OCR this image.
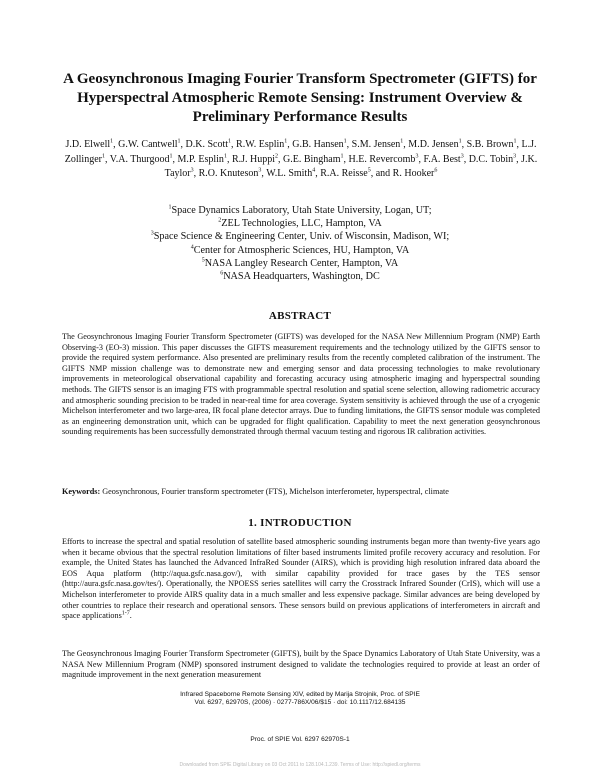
A Geosynchronous Imaging Fourier Transform Spectrometer (GIFTS) for Hyperspectral Atmospheric Remote Sensing: Instrument Overview & Preliminary Performance Results
J.D. Elwell$^1$, G.W. Cantwell$^1$, D.K. Scott$^1$, R.W. Esplin$^1$, G.B. Hansen$^1$, S.M. Jensen$^1$, M.D. Jensen$^1$, S.B. Brown$^1$, L.J. Zollinger$^1$, V.A. Thurgood$^1$, M.P. Esplin$^1$, R.J. Huppi$^2$, G.E. Bingham$^1$, H.E. Revercomb$^3$, F.A. Best$^3$, D.C. Tobin$^3$, J.K. Taylor$^3$, R.O. Knuteson$^3$, W.L. Smith$^4$, R.A. Reisse$^5$, and R. Hooker$^6$
$^1$Space Dynamics Laboratory, Utah State University, Logan, UT;
$^2$ZEL Technologies, LLC, Hampton, VA
$^3$Space Science & Engineering Center, Univ. of Wisconsin, Madison, WI;
$^4$Center for Atmospheric Sciences, HU, Hampton, VA
$^5$NASA Langley Research Center, Hampton, VA
$^6$NASA Headquarters, Washington, DC
ABSTRACT
The Geosynchronous Imaging Fourier Transform Spectrometer (GIFTS) was developed for the NASA New Millennium Program (NMP) Earth Observing-3 (EO-3) mission. This paper discusses the GIFTS measurement requirements and the technology utilized by the GIFTS sensor to provide the required system performance. Also presented are preliminary results from the recently completed calibration of the instrument. The GIFTS NMP mission challenge was to demonstrate new and emerging sensor and data processing technologies to make revolutionary improvements in meteorological observational capability and forecasting accuracy using atmospheric imaging and hyperspectral sounding methods. The GIFTS sensor is an imaging FTS with programmable spectral resolution and spatial scene selection, allowing radiometric accuracy and atmospheric sounding precision to be traded in near-real time for area coverage. System sensitivity is achieved through the use of a cryogenic Michelson interferometer and two large-area, IR focal plane detector arrays. Due to funding limitations, the GIFTS sensor module was completed as an engineering demonstration unit, which can be upgraded for flight qualification. Capability to meet the next generation geosynchronous sounding requirements has been successfully demonstrated through thermal vacuum testing and rigorous IR calibration activities.
Keywords: Geosynchronous, Fourier transform spectrometer (FTS), Michelson interferometer, hyperspectral, climate
1. INTRODUCTION
Efforts to increase the spectral and spatial resolution of satellite based atmospheric sounding instruments began more than twenty-five years ago when it became obvious that the spectral resolution limitations of filter based instruments limited profile recovery accuracy and resolution. For example, the United States has launched the Advanced InfraRed Sounder (AIRS), which is providing high resolution infrared data aboard the EOS Aqua platform (http://aqua.gsfc.nasa.gov/), with similar capability provided for trace gases by the TES sensor (http://aura.gsfc.nasa.gov/tes/). Operationally, the NPOESS series satellites will carry the Crosstrack Infrared Sounder (CrIS), which will use a Michelson interferometer to provide AIRS quality data in a much smaller and less expensive package. Similar advances are being developed by other countries to replace their research and operational sensors. These sensors build on previous applications of interferometers in aircraft and space applications$^{1-7}$.
The Geosynchronous Imaging Fourier Transform Spectrometer (GIFTS), built by the Space Dynamics Laboratory of Utah State University, was a NASA New Millennium Program (NMP) sponsored instrument designed to validate the technologies required to provide at least an order of magnitude improvement in the next generation measurement
Infrared Spaceborne Remote Sensing XIV, edited by Marija Strojnik, Proc. of SPIE
Vol. 6297, 62970S, (2006) · 0277-786X/06/$15 · doi: 10.1117/12.684135
Proc. of SPIE Vol. 6297 62970S-1
Downloaded from SPIE Digital Library on 03 Oct 2011 to 128.104.1.239. Terms of Use: http://spiedl.org/terms
